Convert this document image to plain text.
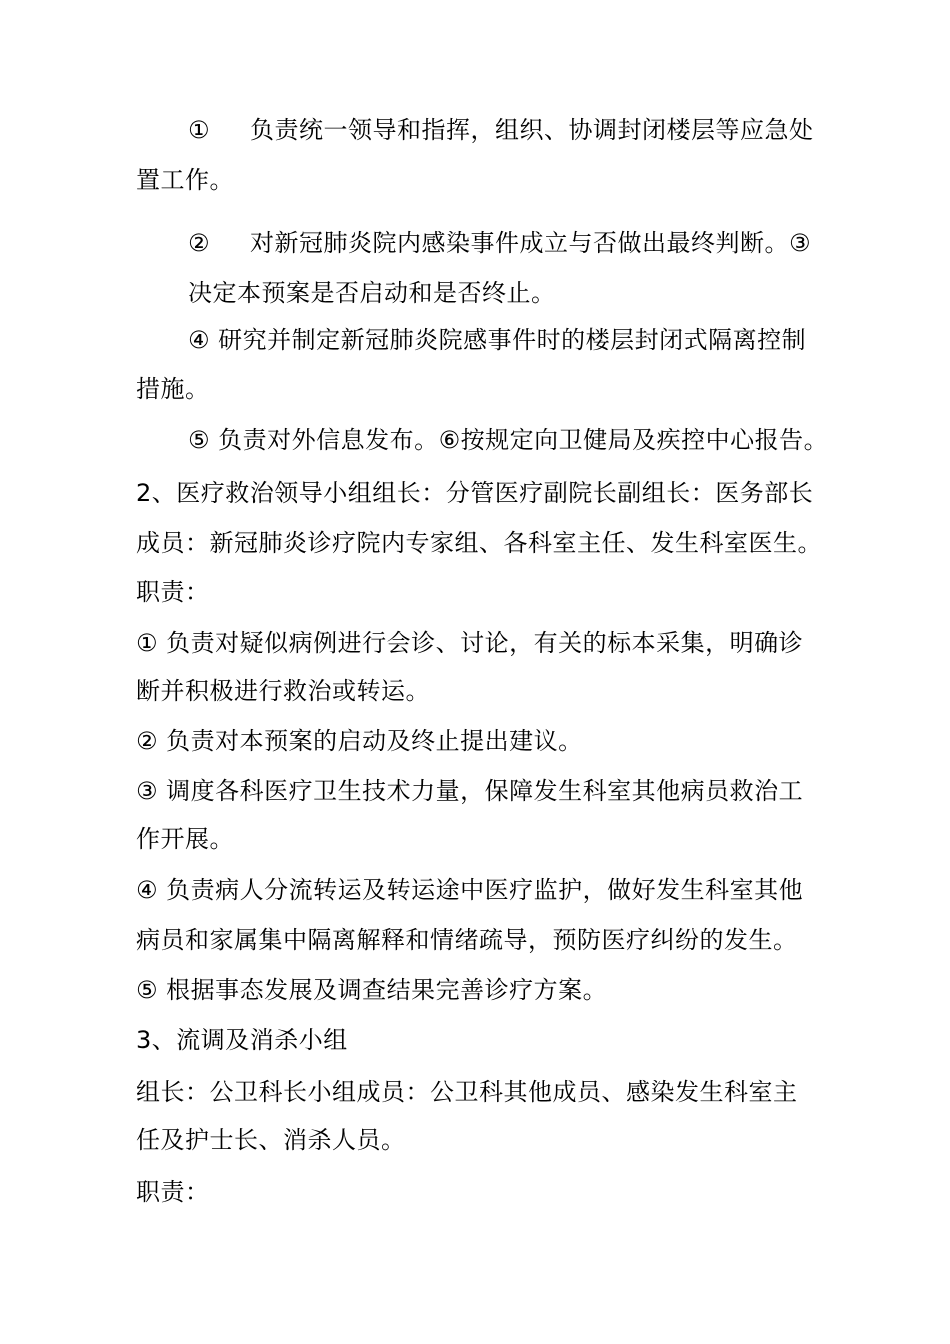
① 负责统一领导和指挥，组织、协调封闭楼层等应急处
置工作。
② 对新冠肺炎院内感染事件成立与否做出最终判断。③
决定本预案是否启动和是否终止。
④ 研究并制定新冠肺炎院感事件时的楼层封闭式隔离控制
措施。
⑤ 负责对外信息发布。⑥按规定向卫健局及疾控中心报告。
2、医疗救治领导小组组长：分管医疗副院长副组长：医务部长
成员：新冠肺炎诊疗院内专家组、各科室主任、发生科室医生。
职责：
① 负责对疑似病例进行会诊、讨论，有关的标本采集，明确诊
断并积极进行救治或转运。
② 负责对本预案的启动及终止提出建议。
③ 调度各科医疗卫生技术力量，保障发生科室其他病员救治工
作开展。
④ 负责病人分流转运及转运途中医疗监护，做好发生科室其他
病员和家属集中隔离解释和情绪疏导，预防医疗纠纷的发生。
⑤ 根据事态发展及调查结果完善诊疗方案。
3、流调及消杀小组
组长：公卫科长小组成员：公卫科其他成员、感染发生科室主
任及护士长、消杀人员。
职责：
